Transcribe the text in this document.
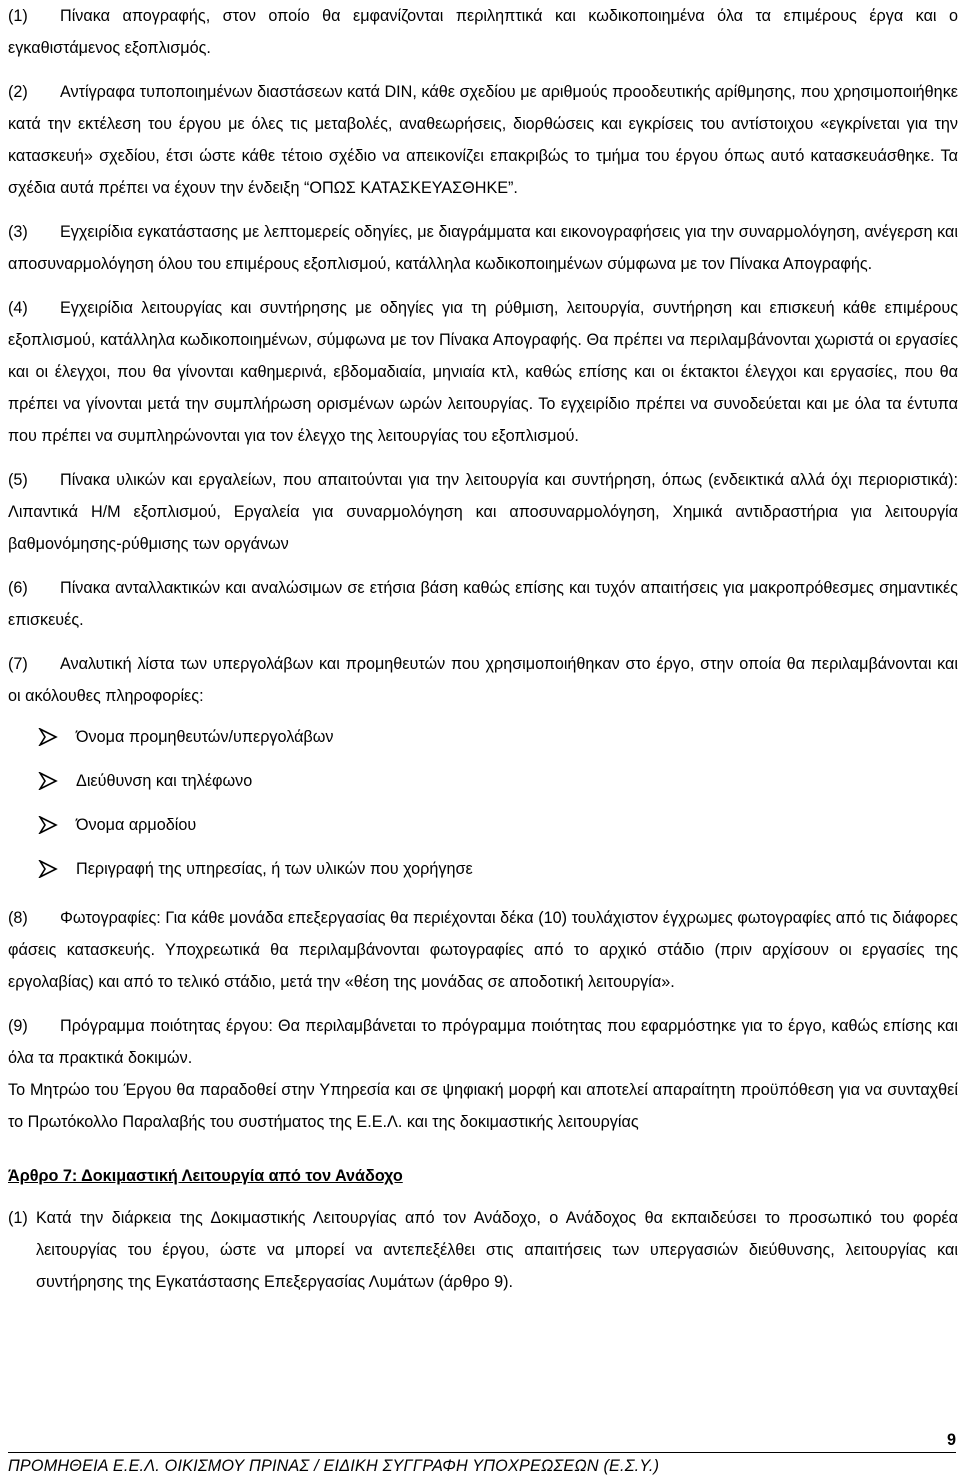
(1) Πίνακα απογραφής, στον οποίο θα εμφανίζονται περιληπτικά και κωδικοποιημένα όλα τα επιμέρους έργα και ο εγκαθιστάμενος εξοπλισμός.

(2) Αντίγραφα τυποποιημένων διαστάσεων κατά DIN, κάθε σχεδίου με αριθμούς προοδευτικής αρίθμησης, που χρησιμοποιήθηκε κατά την εκτέλεση του έργου με όλες τις μεταβολές, αναθεωρήσεις, διορθώσεις και εγκρίσεις του αντίστοιχου «εγκρίνεται για την κατασκευή» σχεδίου, έτσι ώστε κάθε τέτοιο σχέδιο να απεικονίζει επακριβώς το τμήμα του έργου όπως αυτό κατασκευάσθηκε. Τα σχέδια αυτά πρέπει να έχουν την ένδειξη “ΟΠΩΣ ΚΑΤΑΣΚΕΥΑΣΘΗΚΕ”.

(3) Εγχειρίδια εγκατάστασης με λεπτομερείς οδηγίες, με διαγράμματα και εικονογραφήσεις για την συναρμολόγηση, ανέγερση και αποσυναρμολόγηση όλου του επιμέρους εξοπλισμού, κατάλληλα κωδικοποιημένων σύμφωνα με τον Πίνακα Απογραφής.

(4) Εγχειρίδια λειτουργίας και συντήρησης με οδηγίες για τη ρύθμιση, λειτουργία, συντήρηση και επισκευή κάθε επιμέρους εξοπλισμού, κατάλληλα κωδικοποιημένων, σύμφωνα με τον Πίνακα Απογραφής. Θα πρέπει να περιλαμβάνονται χωριστά οι εργασίες και οι έλεγχοι, που θα γίνονται καθημερινά, εβδομαδιαία, μηνιαία κτλ, καθώς επίσης και οι έκτακτοι έλεγχοι και εργασίες, που θα πρέπει να γίνονται μετά την συμπλήρωση ορισμένων ωρών λειτουργίας. Το εγχειρίδιο πρέπει να συνοδεύεται και με όλα τα έντυπα που πρέπει να συμπληρώνονται για τον έλεγχο της λειτουργίας του εξοπλισμού.

(5) Πίνακα υλικών και εργαλείων, που απαιτούνται για την λειτουργία και συντήρηση, όπως (ενδεικτικά αλλά όχι περιοριστικά): Λιπαντικά Η/Μ εξοπλισμού, Εργαλεία για συναρμολόγηση και αποσυναρμολόγηση, Χημικά αντιδραστήρια για λειτουργία βαθμονόμησης-ρύθμισης των οργάνων

(6) Πίνακα ανταλλακτικών και αναλώσιμων σε ετήσια βάση καθώς επίσης και τυχόν απαιτήσεις για μακροπρόθεσμες σημαντικές επισκευές.

(7) Αναλυτική λίστα των υπεργολάβων και προμηθευτών που χρησιμοποιήθηκαν στο έργο, στην οποία θα περιλαμβάνονται και οι ακόλουθες πληροφορίες:

Όνομα προμηθευτών/υπεργολάβων
Διεύθυνση και τηλέφωνο
Όνομα αρμοδίου
Περιγραφή της υπηρεσίας, ή των υλικών που χορήγησε

(8) Φωτογραφίες: Για κάθε μονάδα επεξεργασίας θα περιέχονται δέκα (10) τουλάχιστον έγχρωμες φωτογραφίες από τις διάφορες φάσεις κατασκευής. Υποχρεωτικά θα περιλαμβάνονται φωτογραφίες από το αρχικό στάδιο (πριν αρχίσουν οι εργασίες της εργολαβίας) και από το τελικό στάδιο, μετά την «θέση της μονάδας σε αποδοτική λειτουργία».

(9) Πρόγραμμα ποιότητας έργου: Θα περιλαμβάνεται το πρόγραμμα ποιότητας που εφαρμόστηκε για το έργο, καθώς επίσης και όλα τα πρακτικά δοκιμών.

Το Μητρώο του Έργου θα παραδοθεί στην Υπηρεσία και σε ψηφιακή μορφή και αποτελεί απαραίτητη προϋπόθεση για να συνταχθεί το Πρωτόκολλο Παραλαβής του συστήματος της Ε.Ε.Λ. και της δοκιμαστικής λειτουργίας

Άρθρο 7: Δοκιμαστική Λειτουργία από τον Ανάδοχο

(1) Κατά την διάρκεια της Δοκιμαστικής Λειτουργίας από τον Ανάδοχο, ο Ανάδοχος θα εκπαιδεύσει το προσωπικό του φορέα λειτουργίας του έργου, ώστε να μπορεί να αντεπεξέλθει στις απαιτήσεις των υπεργασιών διεύθυνσης, λειτουργίας και συντήρησης της Εγκατάστασης Επεξεργασίας Λυμάτων (άρθρο 9).
9
ΠΡΟΜΗΘΕΙΑ Ε.Ε.Λ. ΟΙΚΙΣΜΟΥ ΠΡΙΝΑΣ / ΕΙΔΙΚΗ ΣΥΓΓΡΑΦΗ ΥΠΟΧΡΕΩΣΕΩΝ (Ε.Σ.Υ.)
